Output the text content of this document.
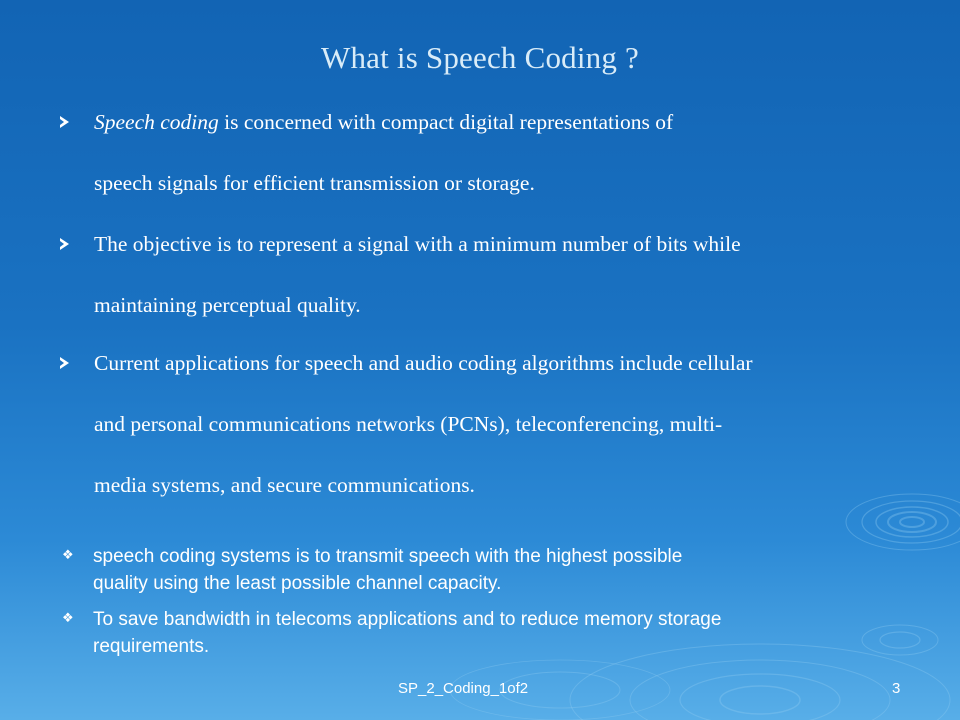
What is Speech Coding ?

Speech coding is concerned with compact digital representations of

speech signals for efficient transmission or storage.

The objective is to represent a signal with a minimum number of bits while

maintaining perceptual quality.

Current applications for speech and audio coding algorithms include cellular

and personal communications networks (PCNs), teleconferencing, multi-

media systems, and secure communications.

❖ speech coding systems is to transmit speech with the highest possible

quality using the least possible channel capacity.

❖ To save bandwidth in telecoms applications and to reduce memory storage

requirements.

SP_2_Coding_1of2	3
